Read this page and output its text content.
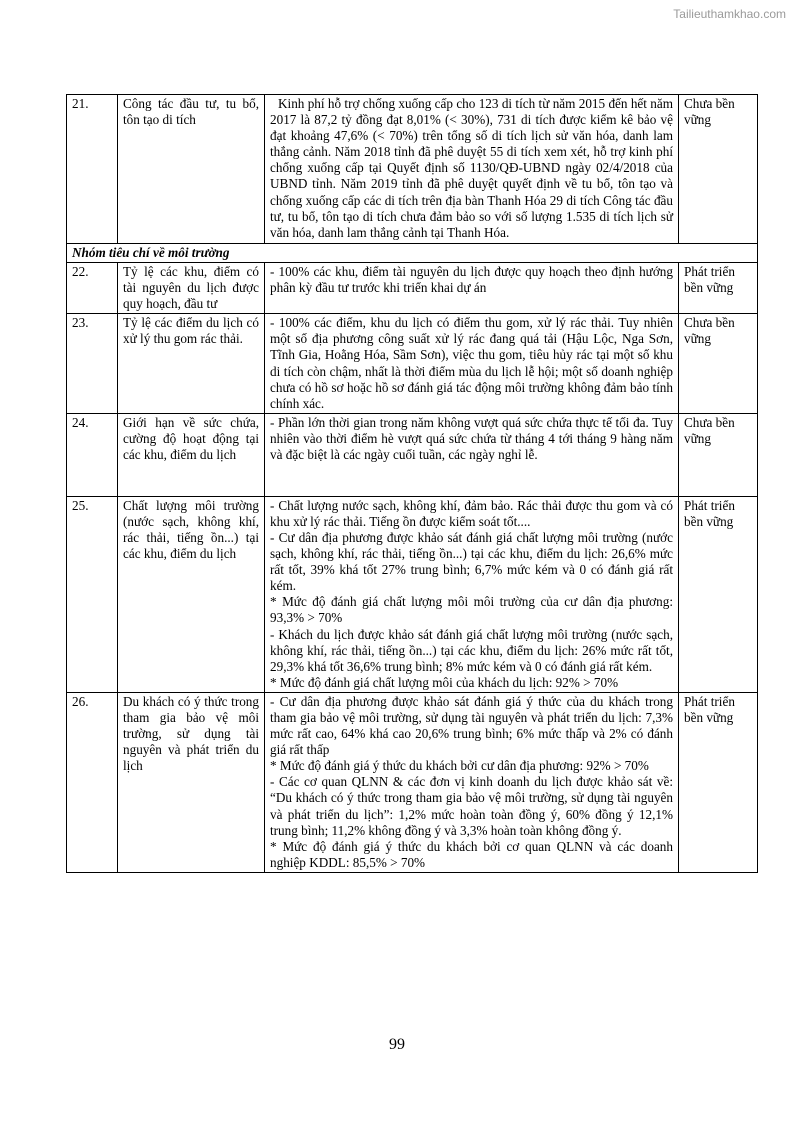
Tailieuthamkhao.com
21.	Công tác đầu tư, tu bổ, tôn tạo di tích	Kinh phí hỗ trợ chống xuống cấp cho 123 di tích từ năm 2015 đến hết năm 2017 là 87,2 tỷ đồng đạt 8,01% (< 30%), 731 di tích được kiểm kê bảo vệ đạt khoảng 47,6% (< 70%) trên tổng số di tích lịch sử văn hóa, danh lam thắng cảnh. Năm 2018 tỉnh đã phê duyệt 55 di tích xem xét, hỗ trợ kinh phí chống xuống cấp tại Quyết định số 1130/QĐ-UBND ngày 02/4/2018 của UBND tỉnh. Năm 2019 tỉnh đã phê duyệt quyết định về tu bổ, tôn tạo và chống xuống cấp các di tích trên địa bàn Thanh Hóa 29 di tích Công tác đầu tư, tu bổ, tôn tạo di tích chưa đảm bảo so với số lượng 1.535 di tích lịch sử văn hóa, danh lam thắng cảnh tại Thanh Hóa.	Chưa bền vững
Nhóm tiêu chí về môi trường			
22.	Tỷ lệ các khu, điểm có tài nguyên du lịch được quy hoạch, đầu tư	- 100% các khu, điểm tài nguyên du lịch được quy hoạch theo định hướng phân kỳ đầu tư trước khi triển khai dự án	Phát triển bền vững
23.	Tỷ lệ các điểm du lịch có xử lý thu gom rác thải.	- 100% các điểm, khu du lịch có điểm thu gom, xử lý rác thải. Tuy nhiên một số địa phương công suất xử lý rác đang quá tải (Hậu Lộc, Nga Sơn, Tĩnh Gia, Hoằng Hóa, Sầm Sơn), việc thu gom, tiêu hủy rác tại một số khu di tích còn chậm, nhất là thời điểm mùa du lịch lễ hội; một số doanh nghiệp chưa có hồ sơ hoặc hồ sơ đánh giá tác động môi trường không đảm bảo tính chính xác.	Chưa bền vững
24.	Giới hạn về sức chứa, cường độ hoạt động tại các khu, điểm du lịch	- Phần lớn thời gian trong năm không vượt quá sức chứa thực tế tối đa. Tuy nhiên vào thời điểm hè vượt quá sức chứa từ tháng 4 tới tháng 9 hàng năm và đặc biệt là các ngày cuối tuần, các ngày nghỉ lễ.	Chưa bền vững
25.	Chất lượng môi trường (nước sạch, không khí, rác thải, tiếng ồn...) tại các khu, điểm du lịch	- Chất lượng nước sạch, không khí, đảm bảo. Rác thải được thu gom và có khu xử lý rác thải. Tiếng ồn được kiểm soát tốt....

- Cư dân địa phương được khảo sát đánh giá chất lượng môi trường (nước sạch, không khí, rác thải, tiếng ồn...) tại các khu, điểm du lịch: 26,6% mức rất tốt, 39% khá tốt 27% trung bình; 6,7% mức kém và 0 có đánh giá rất kém.

* Mức độ đánh giá chất lượng môi môi trường của cư dân địa phương: 93,3% > 70%

- Khách du lịch được khảo sát đánh giá chất lượng môi trường (nước sạch, không khí, rác thải, tiếng ồn...) tại các khu, điểm du lịch: 26% mức rất tốt, 29,3% khá tốt 36,6% trung bình; 8% mức kém và 0 có đánh giá rất kém.

* Mức độ đánh giá chất lượng môi của khách du lịch: 92% > 70%	Phát triển bền vững
26.	Du khách có ý thức trong tham gia bảo vệ môi trường, sử dụng tài nguyên và phát triển du lịch	- Cư dân địa phương được khảo sát đánh giá ý thức của du khách trong tham gia bảo vệ môi trường, sử dụng tài nguyên và phát triển du lịch: 7,3% mức rất cao, 64% khá cao 20,6% trung bình; 6% mức thấp và 2% có đánh giá rất thấp

* Mức độ đánh giá ý thức du khách bởi cư dân địa phương: 92% > 70%

- Các cơ quan QLNN & các đơn vị kinh doanh du lịch được khảo sát về: “Du khách có ý thức trong tham gia bảo vệ môi trường, sử dụng tài nguyên và phát triển du lịch”: 1,2% mức hoàn toàn đồng ý, 60% đồng ý 12,1% trung bình; 11,2% không đồng ý và 3,3% hoàn toàn không đồng ý.

* Mức độ đánh giá ý thức du khách bởi cơ quan QLNN và các doanh nghiệp KDDL: 85,5% > 70%	Phát triển bền vững
99
